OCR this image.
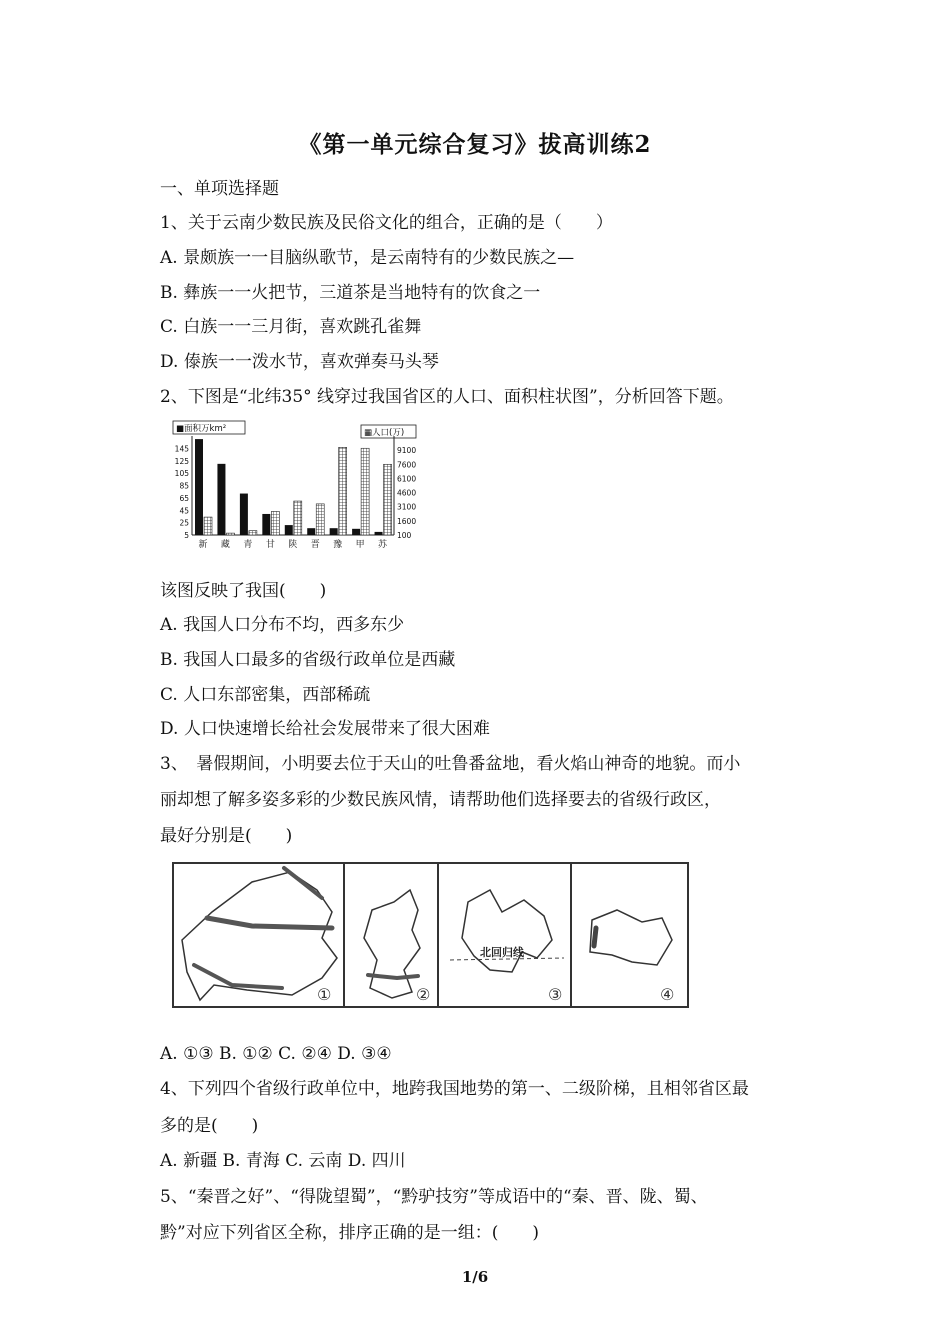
《第一单元综合复习》拔高训练2
一、单项选择题
1、关于云南少数民族及民俗文化的组合，正确的是（　　）
A. 景颇族一一目脑纵歌节，是云南特有的少数民族之—
B. 彝族一一火把节，三道茶是当地特有的饮食之一
C. 白族一一三月街，喜欢跳孔雀舞
D. 傣族一一泼水节，喜欢弹奏马头琴
2、下图是“北纬35° 线穿过我国省区的人口、面积柱状图”，分析回答下题。
■面积万km²	▦人口(万)
新 藏 青 甘 陕 晋 豫 甲 苏
145
125
105
85
65
45
25
5
9100
7600
6100
4600
3100
1600
100
该图反映了我国(　　)
A. 我国人口分布不均，西多东少
B. 我国人口最多的省级行政单位是西藏
C. 人口东部密集，西部稀疏
D. 人口快速增长给社会发展带来了很大困难
3、　暑假期间，小明要去位于天山的吐鲁番盆地，看火焰山神奇的地貌。而小
丽却想了解多姿多彩的少数民族风情，请帮助他们选择要去的省级行政区，
最好分别是(　　)
①	②
北回归线
③	④
A. ①③ B. ①② C. ②④ D. ③④
4、下列四个省级行政单位中，地跨我国地势的第一、二级阶梯，且相邻省区最
多的是(　　)
A. 新疆 B. 青海 C. 云南 D. 四川
5、“秦晋之好”、“得陇望蜀”，“黔驴技穷”等成语中的“秦、晋、陇、蜀、
黔”对应下列省区全称，排序正确的是一组：(　　)
1/6
